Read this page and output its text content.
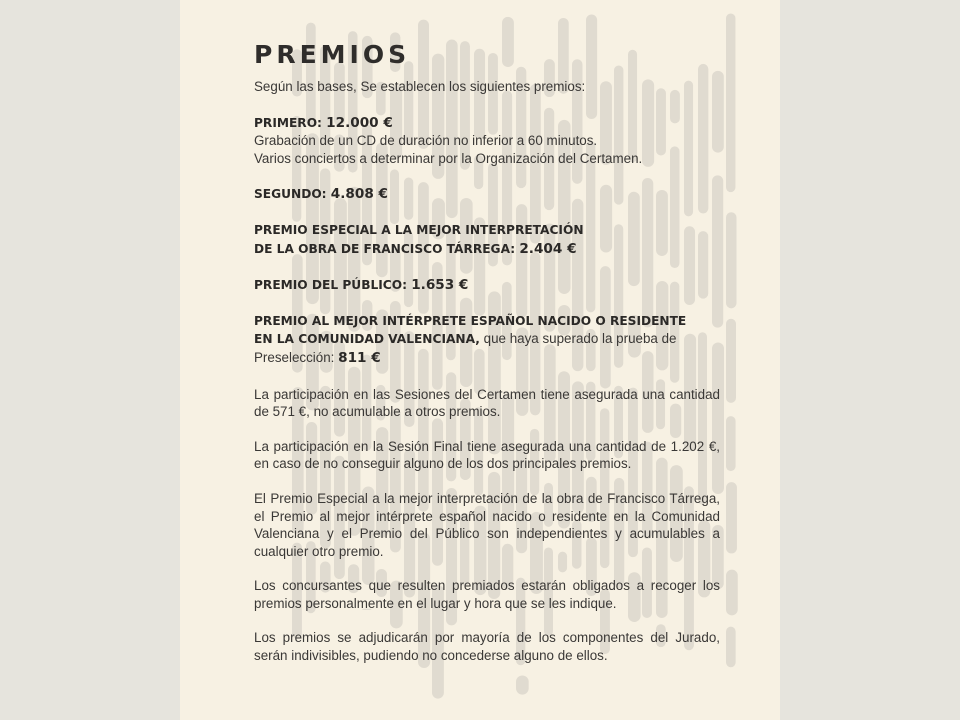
PREMIOS

Según las bases, Se establecen los siguientes premios:

PRIMERO: 12.000 €
Grabación de un CD de duración no inferior a 60 minutos.
Varios conciertos a determinar por la Organización del Certamen.
SEGUNDO: 4.808 €
PREMIO ESPECIAL A LA MEJOR INTERPRETACIÓN
DE LA OBRA DE FRANCISCO TÁRREGA: 2.404 €
PREMIO DEL PÚBLICO: 1.653 €
PREMIO AL MEJOR INTÉRPRETE ESPAÑOL NACIDO O RESIDENTE
EN LA COMUNIDAD VALENCIANA, que haya superado la prueba de
Preselección: 811 €

La participación en las Sesiones del Certamen tiene asegurada una cantidad de 571 €, no acumulable a otros premios.

La participación en la Sesión Final tiene asegurada una cantidad de 1.202 €, en caso de no conseguir alguno de los dos principales premios.

El Premio Especial a la mejor interpretación de la obra de Francisco Tárrega, el Premio al mejor intérprete español nacido o residente en la Comunidad Valenciana y el Premio del Público son independientes y acumulables a cualquier otro premio.

Los concursantes que resulten premiados estarán obligados a recoger los premios personalmente en el lugar y hora que se les indique.

Los premios se adjudicarán por mayoría de los componentes del Jurado, serán indivisibles, pudiendo no concederse alguno de ellos.
